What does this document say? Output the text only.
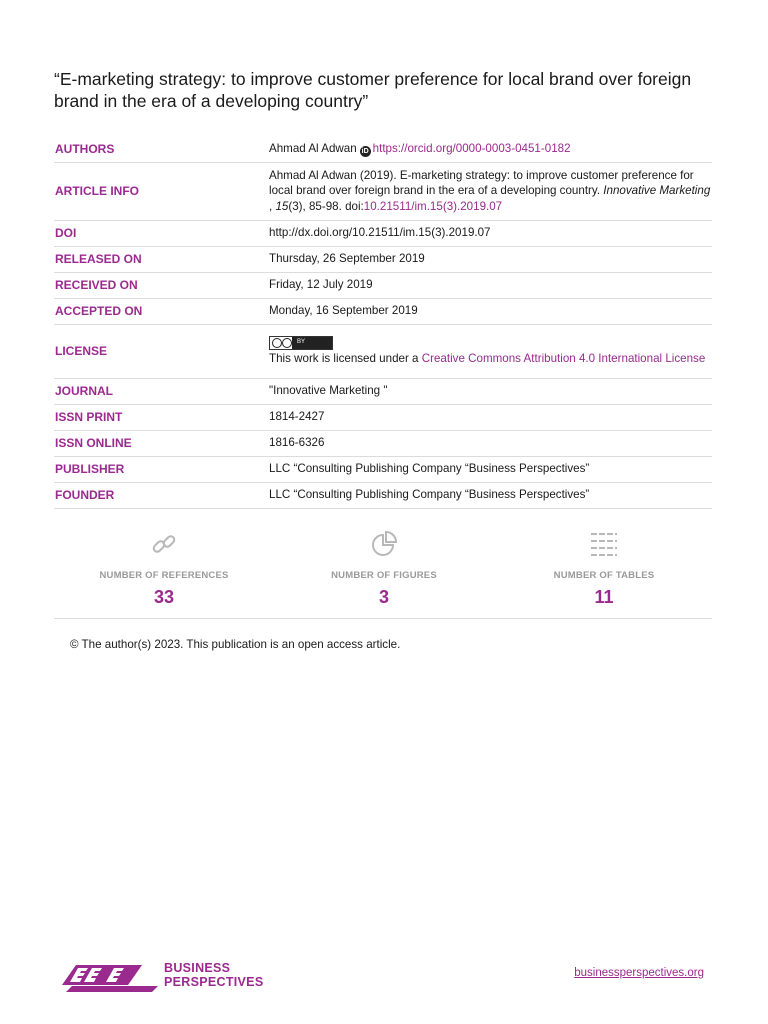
“E-marketing strategy: to improve customer preference for local brand over foreign brand in the era of a developing country”
AUTHORS	Ahmad Al Adwan iD https://orcid.org/0000-0003-0451-0182
ARTICLE INFO	Ahmad Al Adwan (2019). E-marketing strategy: to improve customer preference for local brand over foreign brand in the era of a developing country. Innovative Marketing , 15(3), 85-98. doi:10.21511/im.15(3).2019.07
DOI	http://dx.doi.org/10.21511/im.15(3).2019.07
RELEASED ON	Thursday, 26 September 2019
RECEIVED ON	Friday, 12 July 2019
ACCEPTED ON	Monday, 16 September 2019
LICENSE	BY

This work is licensed under a Creative Commons Attribution 4.0 International License
JOURNAL	"Innovative Marketing "
ISSN PRINT	1814-2427
ISSN ONLINE	1816-6326
PUBLISHER	LLC “Consulting Publishing Company “Business Perspectives”
FOUNDER	LLC “Consulting Publishing Company “Business Perspectives”
NUMBER OF REFERENCES
33
NUMBER OF FIGURES
3
NUMBER OF TABLES
11
© The author(s) 2023. This publication is an open access article.
BUSINESS
PERSPECTIVES
businessperspectives.org
